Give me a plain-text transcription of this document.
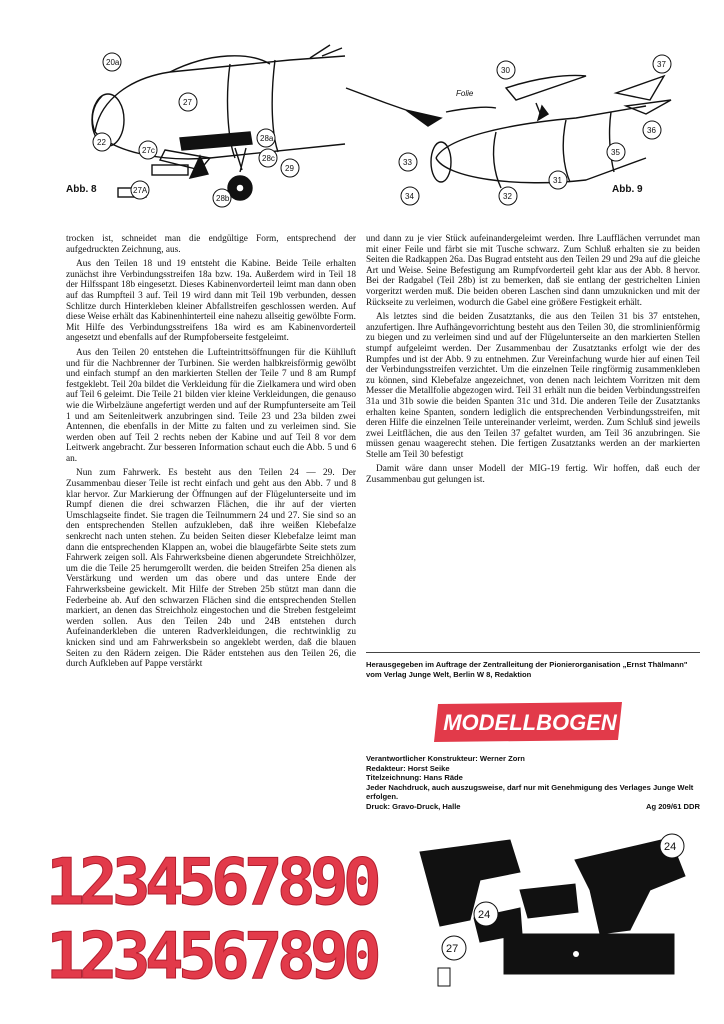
20a
27
22
27c
27A
28a
28c
28b
29
Abb. 8
30
Folie
37
36
35
31
33
32
34
Abb. 9

trocken ist, schneidet man die endgültige Form, entsprechend der aufgedruckten Zeichnung, aus.

Aus den Teilen 18 und 19 entsteht die Kabine. Beide Teile erhalten zunächst ihre Verbindungsstreifen 18a bzw. 19a. Außerdem wird in Teil 18 der Hilfsspant 18b eingesetzt. Dieses Kabinenvorderteil leimt man dann oben auf das Rumpfteil 3 auf. Teil 19 wird dann mit Teil 19b verbunden, dessen Schlitze durch Hinterkleben kleiner Abfallstreifen geschlossen werden. Auf diese Weise erhält das Kabinenhinterteil eine nahezu allseitig gewölbte Form. Mit Hilfe des Verbindungsstreifens 18a wird es am Kabinenvorderteil angesetzt und ebenfalls auf der Rumpfoberseite festgeleimt.

Aus den Teilen 20 entstehen die Lufteintrittsöffnungen für die Kühlluft und für die Nachbrenner der Turbinen. Sie werden halbkreisförmig gewölbt und einfach stumpf an den markierten Stellen der Teile 7 und 8 am Rumpf festgeklebt. Teil 20a bildet die Verkleidung für die Zielkamera und wird oben auf Teil 6 geleimt. Die Teile 21 bilden vier kleine Verkleidungen, die genauso wie die Wirbelzäune angefertigt werden und auf der Rumpfunterseite am Teil 1 und am Seitenleitwerk anzubringen sind. Teile 23 und 23a bilden zwei Antennen, die ebenfalls in der Mitte zu falten und zu verleimen sind. Sie werden oben auf Teil 2 rechts neben der Kabine und auf Teil 8 vor dem Leitwerk angebracht. Zur besseren Information schaut euch die Abb. 5 und 6 an.

Nun zum Fahrwerk. Es besteht aus den Teilen 24 — 29. Der Zusammenbau dieser Teile ist recht einfach und geht aus den Abb. 7 und 8 klar hervor. Zur Markierung der Öffnungen auf der Flügelunterseite und im Rumpf dienen die drei schwarzen Flächen, die ihr auf der vierten Umschlagseite findet. Sie tragen die Teilnummern 24 und 27. Sie sind so an den entsprechenden Stellen aufzukleben, daß ihre weißen Klebefalze senkrecht nach unten stehen. Zu beiden Seiten dieser Klebefalze leimt man dann die entsprechenden Klappen an, wobei die blaugefärbte Seite stets zum Fahrwerk zeigen soll. Als Fahrwerksbeine dienen abgerundete Streichhölzer, um die die Teile 25 herumgerollt werden. die beiden Streifen 25a dienen als Verstärkung und werden um das obere und das untere Ende der Fahrwerksbeine gewickelt. Mit Hilfe der Streben 25b stützt man dann die Federbeine ab. Auf den schwarzen Flächen sind die entsprechenden Stellen markiert, an denen das Streichholz eingestochen und die Streben festgeleimt werden sollen. Aus den Teilen 24b und 24B entstehen durch Aufeinanderkleben die unteren Radverkleidungen, die rechtwinklig zu knicken sind und am Fahrwerksbein so angeklebt werden, daß die blauen Seiten zu den Rädern zeigen. Die Räder entstehen aus den Teilen 26, die durch Aufkleben auf Pappe verstärkt

und dann zu je vier Stück aufeinandergeleimt werden. Ihre Laufflächen verrundet man mit einer Feile und färbt sie mit Tusche schwarz. Zum Schluß erhalten sie zu beiden Seiten die Radkappen 26a. Das Bugrad entsteht aus den Teilen 29 und 29a auf die gleiche Art und Weise. Seine Befestigung am Rumpfvorderteil geht klar aus der Abb. 8 hervor. Bei der Radgabel (Teil 28b) ist zu bemerken, daß sie entlang der gestrichelten Linien vorgeritzt werden muß. Die beiden oberen Laschen sind dann umzuknicken und mit der Rückseite zu verleimen, wodurch die Gabel eine größere Festigkeit erhält.

Als letztes sind die beiden Zusatztanks, die aus den Teilen 31 bis 37 entstehen, anzufertigen. Ihre Aufhängevorrichtung besteht aus den Teilen 30, die stromlinienförmig zu biegen und zu verleimen sind und auf der Flügelunterseite an den markierten Stellen stumpf aufgeleimt werden. Der Zusammenbau der Zusatztanks erfolgt wie der des Rumpfes und ist der Abb. 9 zu entnehmen. Zur Vereinfachung wurde hier auf einen Teil der Verbindungsstreifen verzichtet. Um die einzelnen Teile ringförmig zusammenkleben zu können, sind Klebefalze angezeichnet, von denen nach leichtem Vorritzen mit dem Messer die Metallfolie abgezogen wird. Teil 31 erhält nun die beiden Verbindungsstreifen 31a und 31b sowie die beiden Spanten 31c und 31d. Die anderen Teile der Zusatztanks erhalten keine Spanten, sondern lediglich die entsprechenden Verbindungsstreifen, mit deren Hilfe die einzelnen Teile untereinander verleimt, werden. Zum Schluß sind jeweils zwei Leitflächen, die aus den Teilen 37 gefaltet wurden, am Teil 36 anzubringen. Sie müssen genau waagerecht stehen. Die fertigen Zusatztanks werden an der markierten Stelle am Teil 30 befestigt

Damit wäre dann unser Modell der MIG-19 fertig. Wir hoffen, daß euch der Zusammenbau gut gelungen ist.

Herausgegeben im Auftrage der Zentralleitung der Pionierorganisation „Ernst Thälmann" vom Verlag Junge Welt, Berlin W 8, Redaktion
MODELLBOGEN
Verantwortlicher Konstrukteur: Werner Zorn
Redakteur: Horst Seike
Titelzeichnung: Hans Räde
Jeder Nachdruck, auch auszugsweise, darf nur mit Genehmigung des Verlages Junge Welt erfolgen.
Druck: Gravo-Druck, Halle	Ag 209/61 DDR
1
2
3
4
5
6
7
8
9
0
1
2
3
4
5
6
7
8
9
0
24
24
27
